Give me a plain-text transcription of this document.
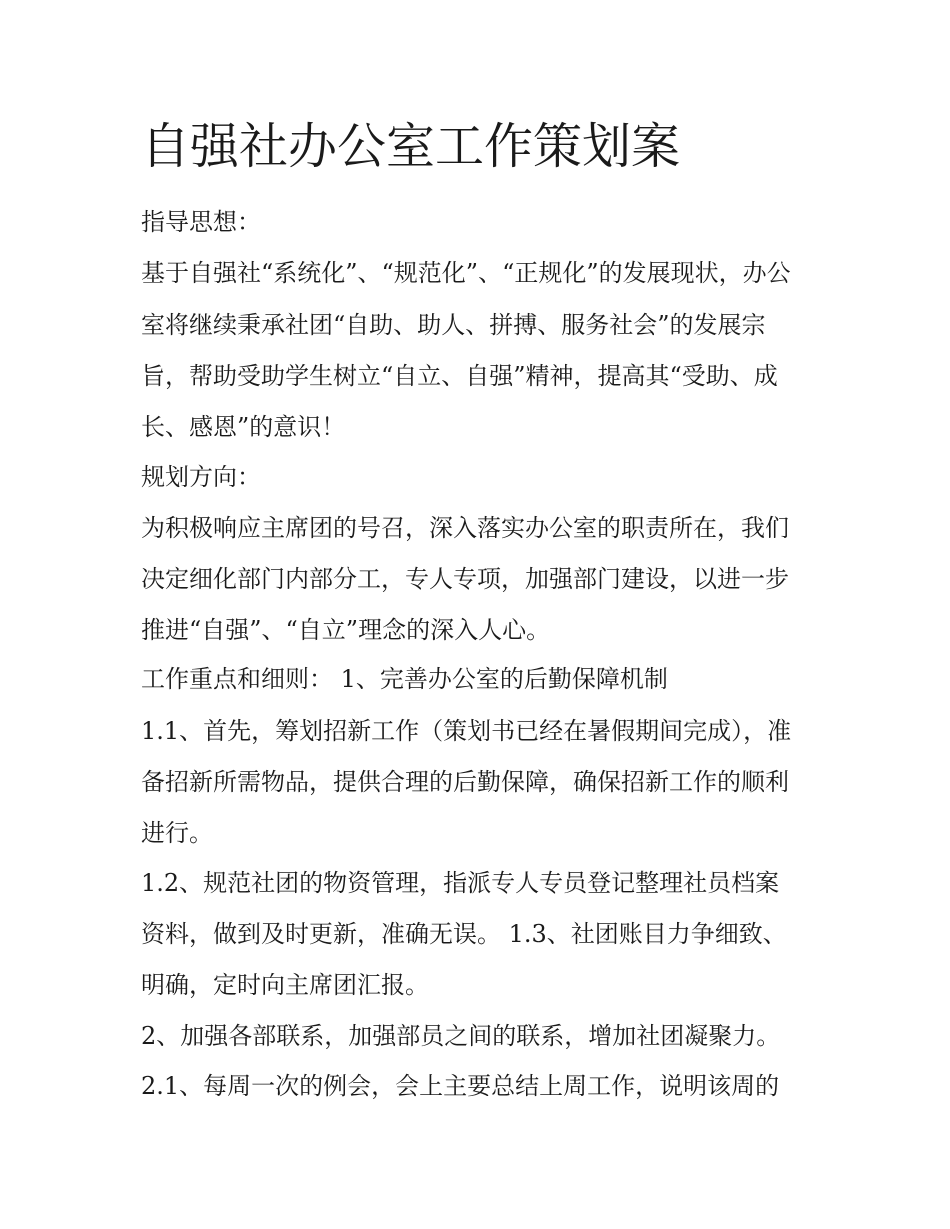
自强社办公室工作策划案

指导思想：

基于自强社“系统化”、“规范化”、“正规化”的发展现状，办公

室将继续秉承社团“自助、助人、拼搏、服务社会”的发展宗

旨，帮助受助学生树立“自立、自强”精神，提高其“受助、成

长、感恩”的意识！

规划方向：

为积极响应主席团的号召，深入落实办公室的职责所在，我们

决定细化部门内部分工，专人专项，加强部门建设，以进一步

推进“自强”、“自立”理念的深入人心。

工作重点和细则： 1、完善办公室的后勤保障机制

1.1、首先，筹划招新工作（策划书已经在暑假期间完成），准

备招新所需物品，提供合理的后勤保障，确保招新工作的顺利

进行。

1.2、规范社团的物资管理，指派专人专员登记整理社员档案

资料，做到及时更新，准确无误。 1.3、社团账目力争细致、

明确，定时向主席团汇报。

2、加强各部联系，加强部员之间的联系，增加社团凝聚力。

2.1、每周一次的例会，会上主要总结上周工作，说明该周的
